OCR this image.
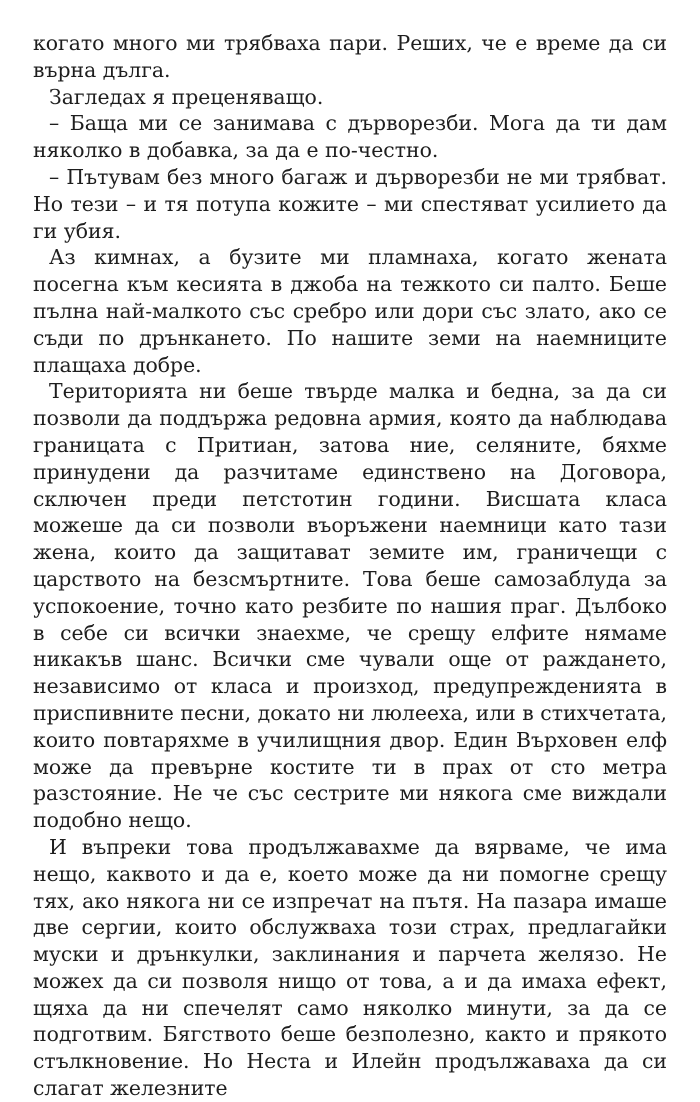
когато много ми трябваха пари. Реших, че е време да си върна дълга.

Загледах я преценяващо.

– Баща ми се занимава с дърворезби. Мога да ти дам няколко в добавка, за да е по-честно.

– Пътувам без много багаж и дърворезби не ми трябват. Но тези – и тя потупа кожите – ми спестяват усилието да ги убия.

Аз кимнах, а бузите ми пламнаха, когато жената посегна към кесията в джоба на тежкото си палто. Беше пълна най-малкото със сребро или дори със злато, ако се съди по дрънкането. По нашите земи на наемниците плащаха добре.

Територията ни беше твърде малка и бедна, за да си позволи да поддържа редовна армия, която да наблюдава границата с Притиан, затова ние, селяните, бяхме принудени да разчитаме единствено на Договора, сключен преди петстотин години. Висшата класа можеше да си позволи въоръжени наемници като тази жена, които да защитават земите им, граничещи с царството на безсмъртните. Това беше самозаблуда за успокоение, точно като резбите по нашия праг. Дълбоко в себе си всички знаехме, че срещу елфите нямаме никакъв шанс. Всички сме чували още от раждането, независимо от класа и произход, предупрежденията в приспивните песни, докато ни люлееха, или в стихчетата, които повтаряхме в училищния двор. Един Върховен елф може да превърне костите ти в прах от сто метра разстояние. Не че със сестрите ми някога сме виждали подобно нещо.

И въпреки това продължавахме да вярваме, че има нещо, каквото и да е, което може да ни помогне срещу тях, ако някога ни се изпречат на пътя. На пазара имаше две сергии, които обслужваха този страх, предлагайки муски и дрънкулки, заклинания и парчета желязо. Не можех да си позволя нищо от това, а и да имаха ефект, щяха да ни спечелят само няколко минути, за да се подготвим. Бягството беше безполезно, както и прякото стълкновение. Но Неста и Илейн продължаваха да си слагат железните
